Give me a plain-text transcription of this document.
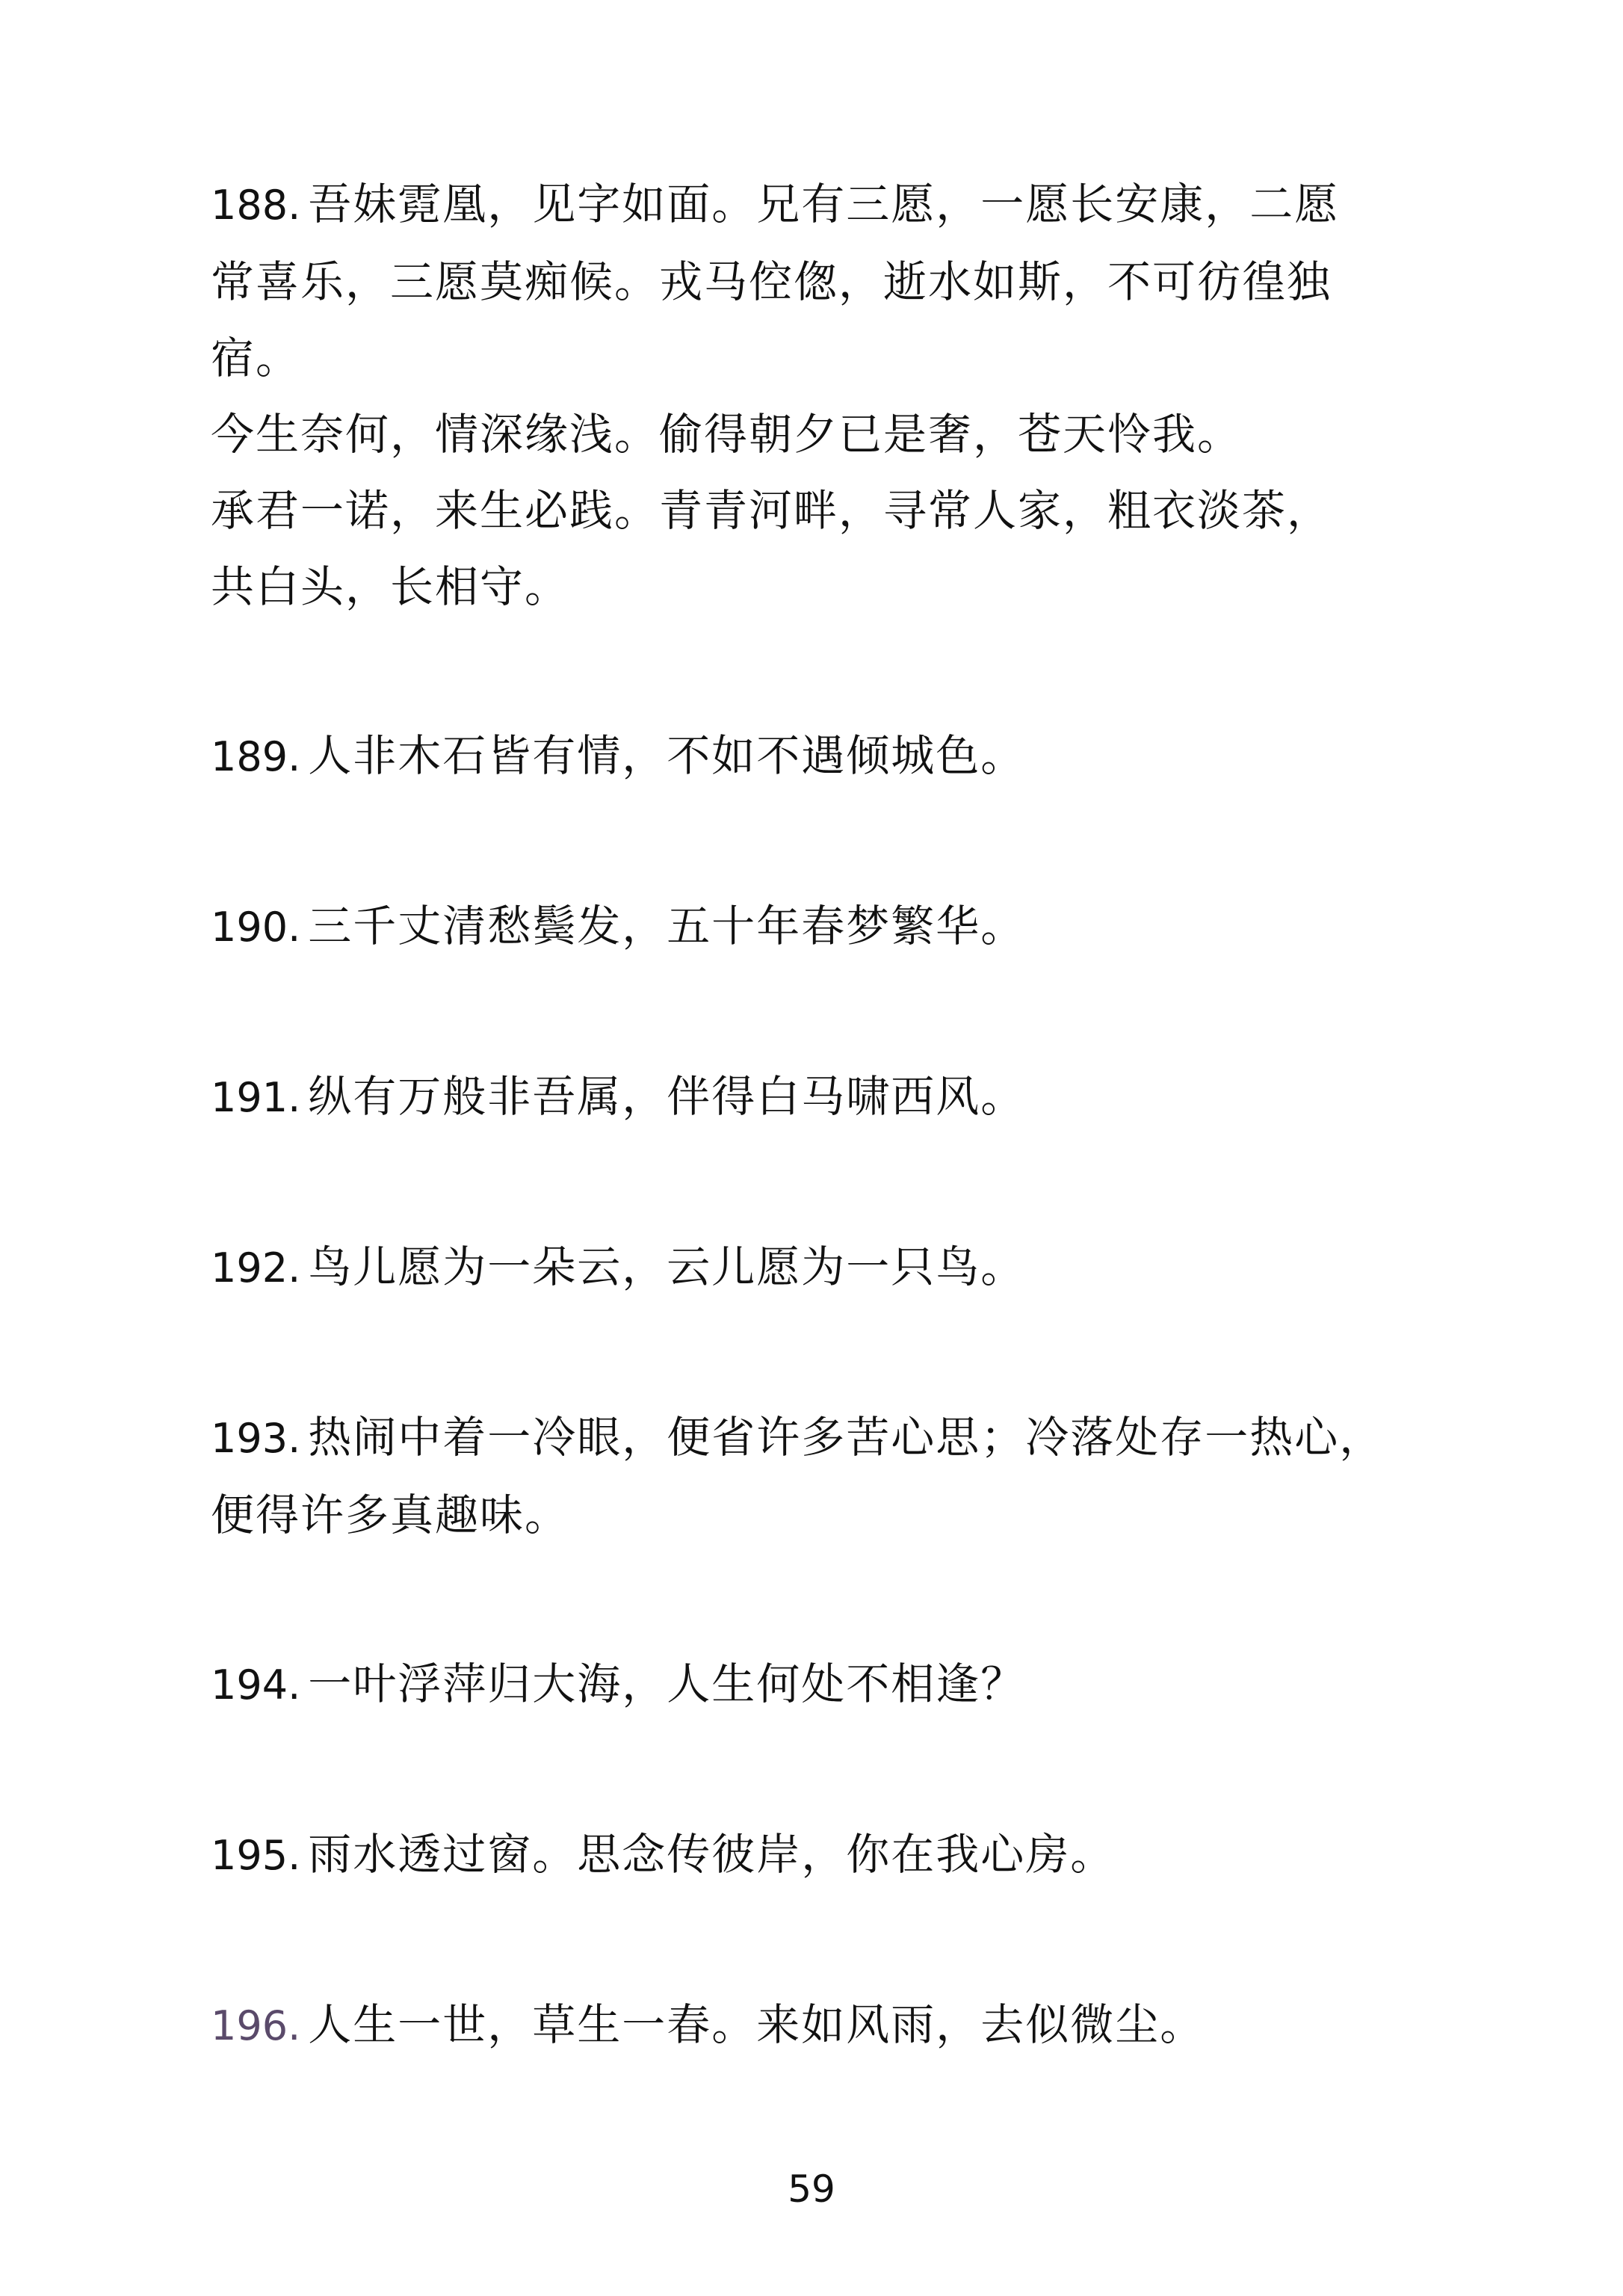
188. 吾妹霓凰，见字如面。兄有三愿，一愿长安康，二愿
常喜乐，三愿莫痴候。戎马倥偬，逝水如斯，不可彷徨独
宿。
今生奈何，情深缘浅。偷得朝夕已是奢，苍天怜我。
承君一诺，来生必践。青青河畔，寻常人家，粗衣淡茶，
共白头，长相守。
189. 人非木石皆有情，不如不遇倾城色。
190. 三千丈清愁鬓发，五十年春梦繁华。
191. 纵有万般非吾属，伴得白马啸西风。
192. 鸟儿愿为一朵云，云儿愿为一只鸟。
193. 热闹中着一冷眼，便省许多苦心思；冷落处存一热心，
便得许多真趣味。
194. 一叶浮萍归大海，人生何处不相逢？
195. 雨水透过窗。思念传彼岸，你在我心房。
196. 人生一世，草生一春。来如风雨，去似微尘。
59
